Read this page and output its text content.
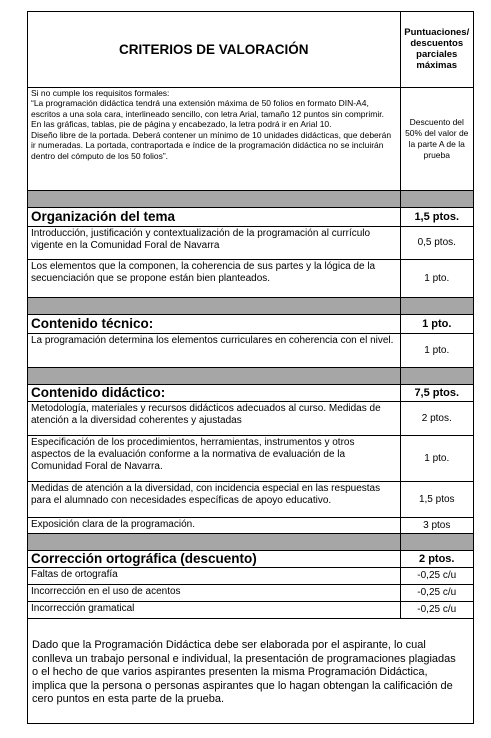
CRITERIOS DE VALORACIÓN	Puntuaciones/ descuentos parciales máximas

Si no cumple los requisitos formales:

“La programación didáctica tendrá una extensión máxima de 50 folios en formato DIN-A4, escritos a una sola cara, interlineado sencillo, con letra Arial, tamaño 12 puntos sin comprimir. En las gráficas, tablas, pie de página y encabezado, la letra podrá ir en Arial 10.

Diseño libre de la portada. Deberá contener un mínimo de 10 unidades didácticas, que deberán ir numeradas. La portada, contraportada e índice de la programación didáctica no se incluirán dentro del cómputo de los 50 folios”.	Descuento del 50% del valor de la parte A de la prueba

Organización del tema	1,5 ptos.
Introducción, justificación y contextualización de la programación al currículo vigente en la Comunidad Foral de Navarra	0,5 ptos.
Los elementos que la componen, la coherencia de sus partes y la lógica de la secuenciación que se propone están bien planteados.	1 pto.

Contenido técnico:	1 pto.
La programación determina los elementos curriculares en coherencia con el nivel.	1 pto.

Contenido didáctico:	7,5 ptos.
Metodología, materiales y recursos didácticos adecuados al curso. Medidas de atención a la diversidad coherentes y ajustadas	2 ptos.
Especificación de los procedimientos, herramientas, instrumentos y otros aspectos de la evaluación conforme a la normativa de evaluación de la Comunidad Foral de Navarra.	1 pto.

Medidas de atención a la diversidad, con incidencia especial en las respuestas para el alumnado con necesidades específicas de apoyo educativo.	1,5 ptos
Exposición clara de la programación.	3 ptos

Corrección ortográfica (descuento)	2 ptos.
Faltas de ortografía	-0,25 c/u
Incorrección en el uso de acentos	-0,25 c/u
Incorrección gramatical	-0,25 c/u
Dado que la Programación Didáctica debe ser elaborada por el aspirante, lo cual conlleva un trabajo personal e individual, la presentación de programaciones plagiadas o el hecho de que varios aspirantes presenten la misma Programación Didáctica, implica que la persona o personas aspirantes que lo hagan obtengan la calificación de cero puntos en esta parte de la prueba.
